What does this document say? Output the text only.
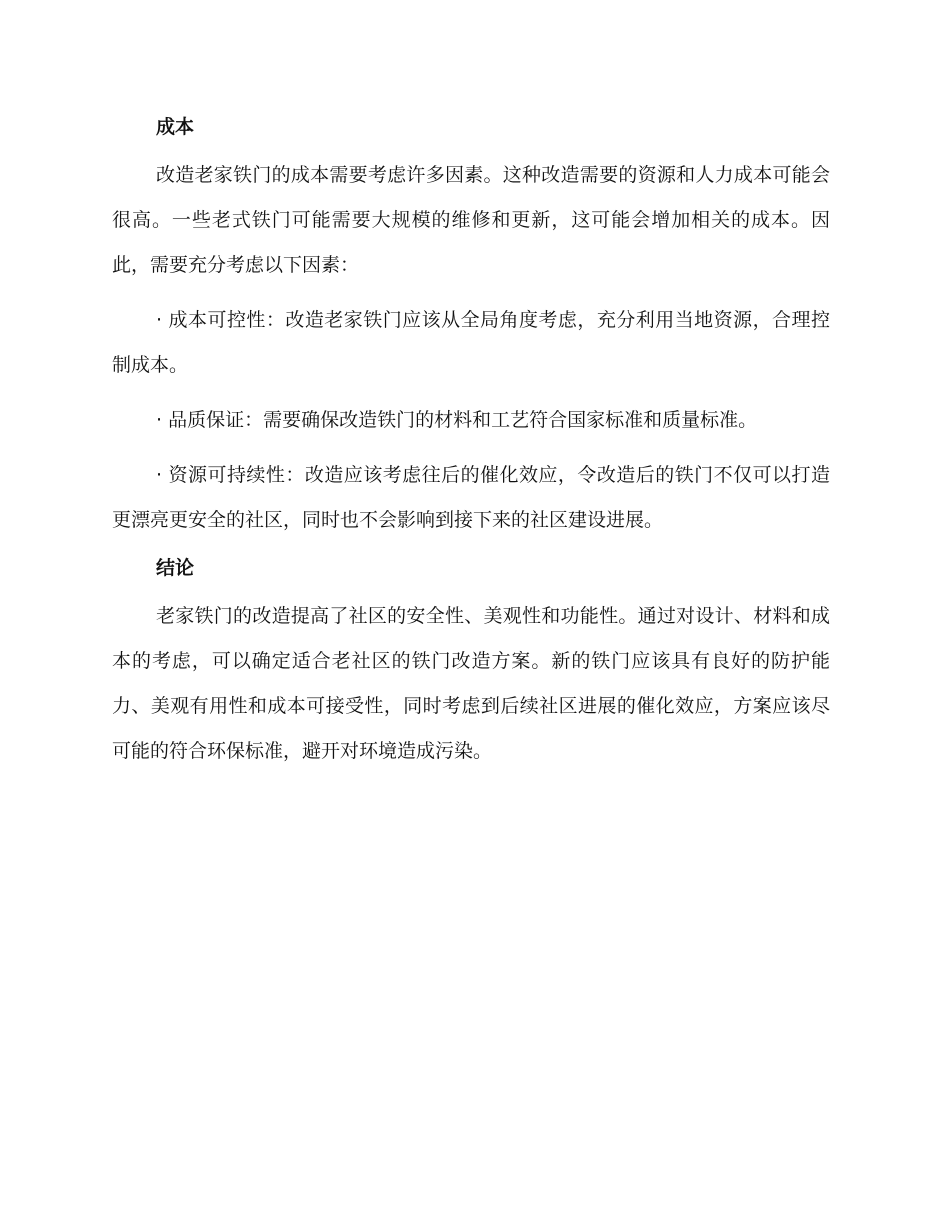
成本

改造老家铁门的成本需要考虑许多因素。这种改造需要的资源和人力成本可能会很高。一些老式铁门可能需要大规模的维修和更新，这可能会增加相关的成本。因此，需要充分考虑以下因素：

· 成本可控性：改造老家铁门应该从全局角度考虑，充分利用当地资源，合理控制成本。

· 品质保证：需要确保改造铁门的材料和工艺符合国家标准和质量标准。

· 资源可持续性：改造应该考虑往后的催化效应，令改造后的铁门不仅可以打造更漂亮更安全的社区，同时也不会影响到接下来的社区建设进展。

结论

老家铁门的改造提高了社区的安全性、美观性和功能性。通过对设计、材料和成本的考虑，可以确定适合老社区的铁门改造方案。新的铁门应该具有良好的防护能力、美观有用性和成本可接受性，同时考虑到后续社区进展的催化效应，方案应该尽可能的符合环保标准，避开对环境造成污染。
